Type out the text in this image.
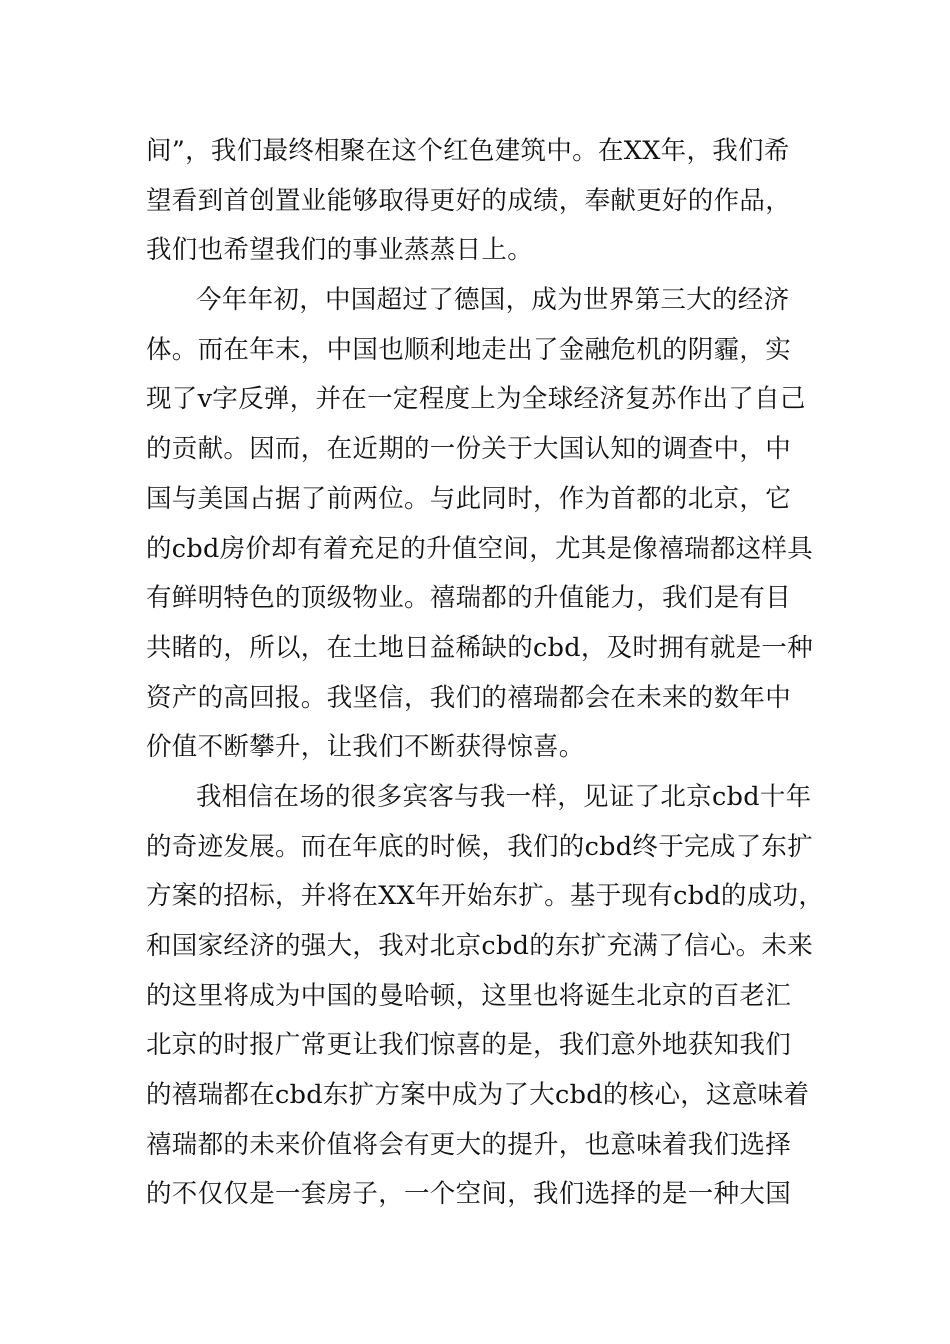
间”，我们最终相聚在这个红色建筑中。在XX年，我们希
望看到首创置业能够取得更好的成绩，奉献更好的作品，
我们也希望我们的事业蒸蒸日上。
今年年初，中国超过了德国，成为世界第三大的经济
体。而在年末，中国也顺利地走出了金融危机的阴霾，实
现了v字反弹，并在一定程度上为全球经济复苏作出了自己
的贡献。因而，在近期的一份关于大国认知的调查中，中
国与美国占据了前两位。与此同时，作为首都的北京，它
的cbd房价却有着充足的升值空间，尤其是像禧瑞都这样具
有鲜明特色的顶级物业。禧瑞都的升值能力，我们是有目
共睹的，所以，在土地日益稀缺的cbd，及时拥有就是一种
资产的高回报。我坚信，我们的禧瑞都会在未来的数年中
价值不断攀升，让我们不断获得惊喜。
我相信在场的很多宾客与我一样，见证了北京cbd十年
的奇迹发展。而在年底的时候，我们的cbd终于完成了东扩
方案的招标，并将在XX年开始东扩。基于现有cbd的成功，
和国家经济的强大，我对北京cbd的东扩充满了信心。未来
的这里将成为中国的曼哈顿，这里也将诞生北京的百老汇
北京的时报广常更让我们惊喜的是，我们意外地获知我们
的禧瑞都在cbd东扩方案中成为了大cbd的核心，这意味着
禧瑞都的未来价值将会有更大的提升，也意味着我们选择
的不仅仅是一套房子，一个空间，我们选择的是一种大国
